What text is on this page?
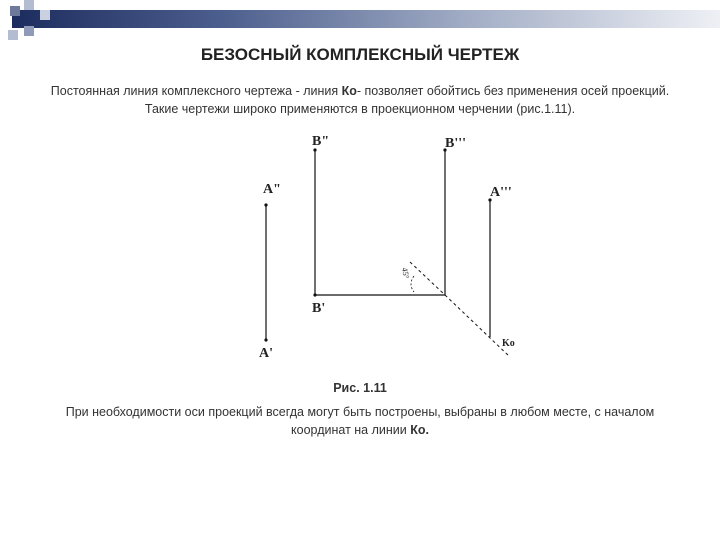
БЕЗОСНЫЙ КОМПЛЕКСНЫЙ ЧЕРТЕЖ

Постоянная линия комплексного чертежа - линия Ко- позволяет обойтись без применения осей проекций. Такие чертежи широко применяются в проекционном черчении (рис.1.11).

A"
A'
B"
B'
B'''
A'''
Ko
45°

Рис. 1.11

При необходимости оси проекций всегда могут быть построены, выбраны в любом месте, с началом координат на линии Ко.
